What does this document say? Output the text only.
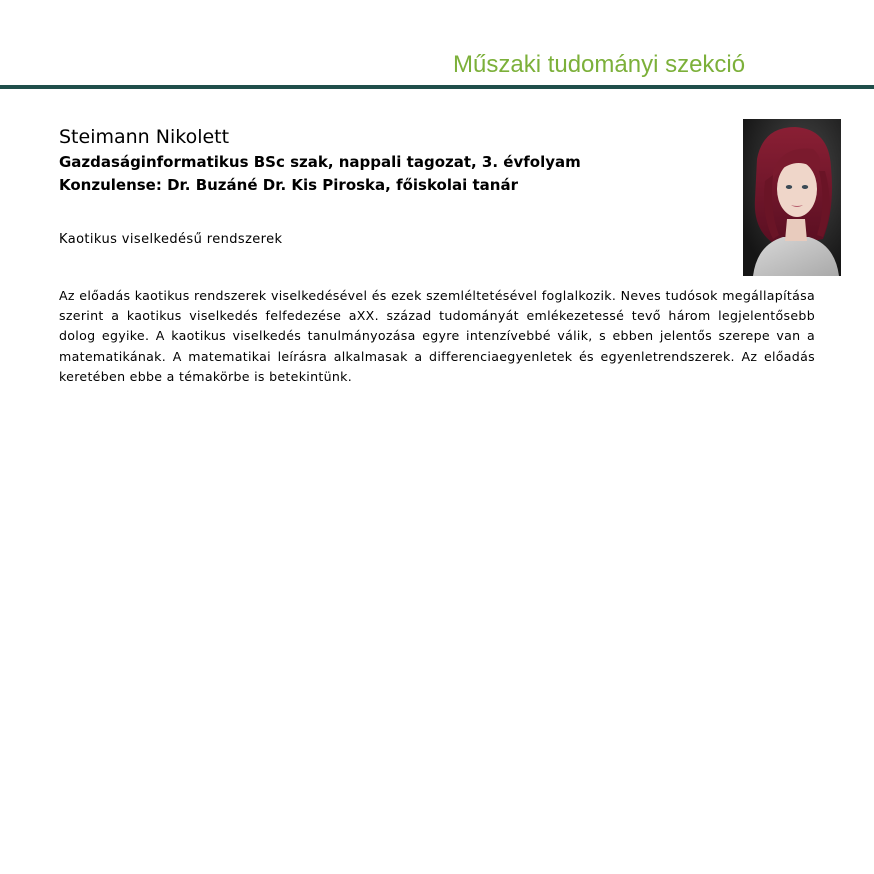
Műszaki tudományi szekció
Steimann Nikolett
Gazdaságinformatikus BSc szak, nappali tagozat, 3. évfolyam
Konzulense: Dr. Buzáné Dr. Kis Piroska, főiskolai tanár
Kaotikus viselkedésű rendszerek

Az előadás kaotikus rendszerek viselkedésével és ezek szemléltetésével foglalkozik. Neves tudósok megállapítása szerint a kaotikus viselkedés felfedezése aXX. század tudományát emlékezetessé tevő három legjelentősebb dolog egyike. A kaotikus viselkedés tanulmányozása egyre intenzívebbé válik, s ebben jelentős szerepe van a matematikának. A matematikai leírásra alkalmasak a differenciaegyenletek és egyenletrendszerek. Az előadás keretében ebbe a témakörbe is betekintünk.
